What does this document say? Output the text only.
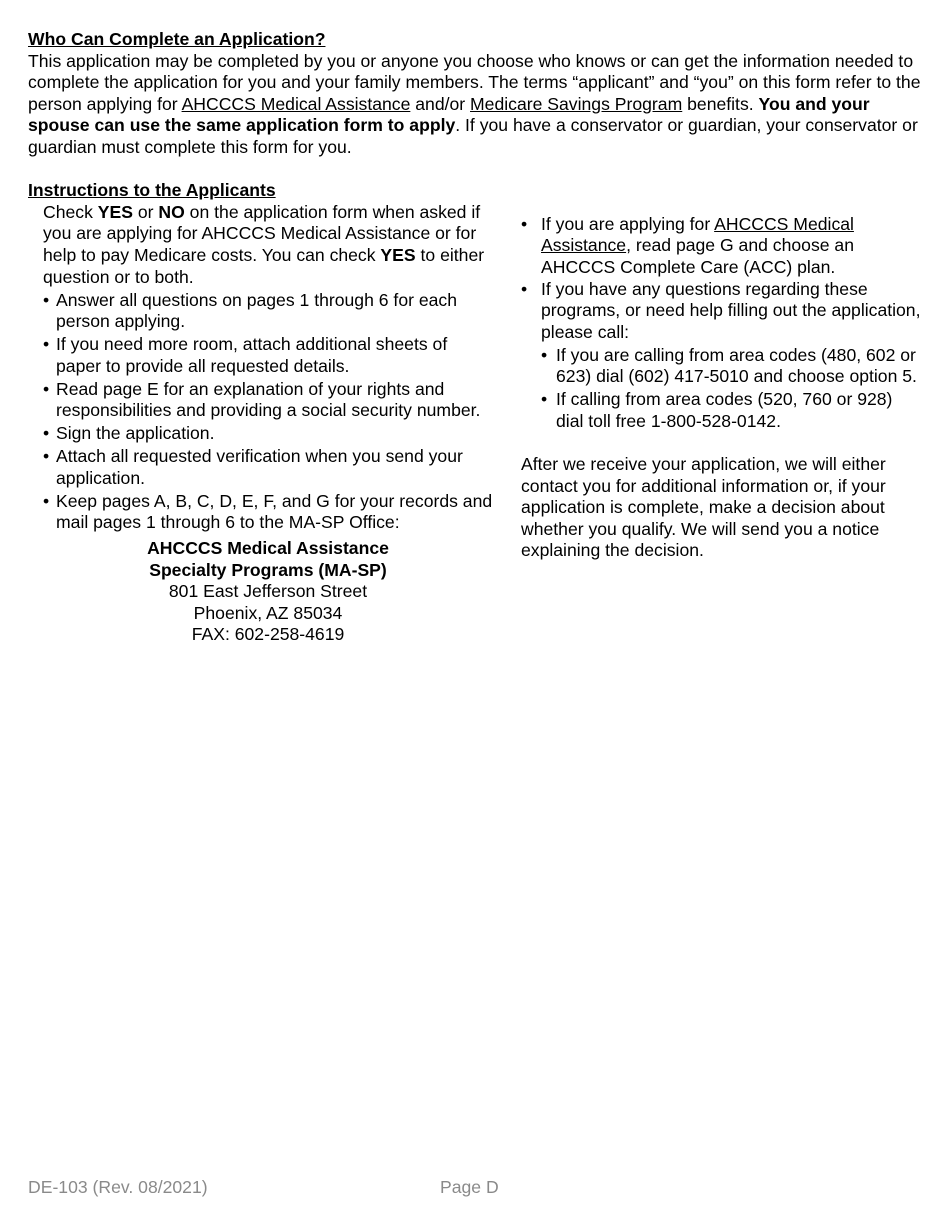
Who Can Complete an Application?

This application may be completed by you or anyone you choose who knows or can get the information needed to complete the application for you and your family members. The terms “applicant” and “you” on this form refer to the person applying for AHCCCS Medical Assistance and/or Medicare Savings Program benefits. You and your spouse can use the same application form to apply. If you have a conservator or guardian, your conservator or guardian must complete this form for you.

Instructions to the Applicants

Check YES or NO on the application form when asked if you are applying for AHCCCS Medical Assistance or for help to pay Medicare costs. You can check YES to either question or to both.

• Answer all questions on pages 1 through 6 for each person applying.
• If you need more room, attach additional sheets of paper to provide all requested details.
• Read page E for an explanation of your rights and responsibilities and providing a social security number.
• Sign the application.
• Attach all requested verification when you send your application.
• Keep pages A, B, C, D, E, F, and G for your records and mail pages 1 through 6 to the MA-SP Office:
AHCCCS Medical Assistance
Specialty Programs (MA-SP)
801 East Jefferson Street
Phoenix, AZ 85034
FAX: 602-258-4619
• If you are applying for AHCCCS Medical Assistance, read page G and choose an AHCCCS Complete Care (ACC) plan.
• If you have any questions regarding these programs, or need help filling out the application, please call:
• If you are calling from area codes (480, 602 or 623) dial (602) 417-5010 and choose option 5.
• If calling from area codes (520, 760 or 928) dial toll free 1-800-528-0142.

After we receive your application, we will either contact you for additional information or, if your application is complete, make a decision about whether you qualify. We will send you a notice explaining the decision.

DE-103 (Rev. 08/2021)	Page D
